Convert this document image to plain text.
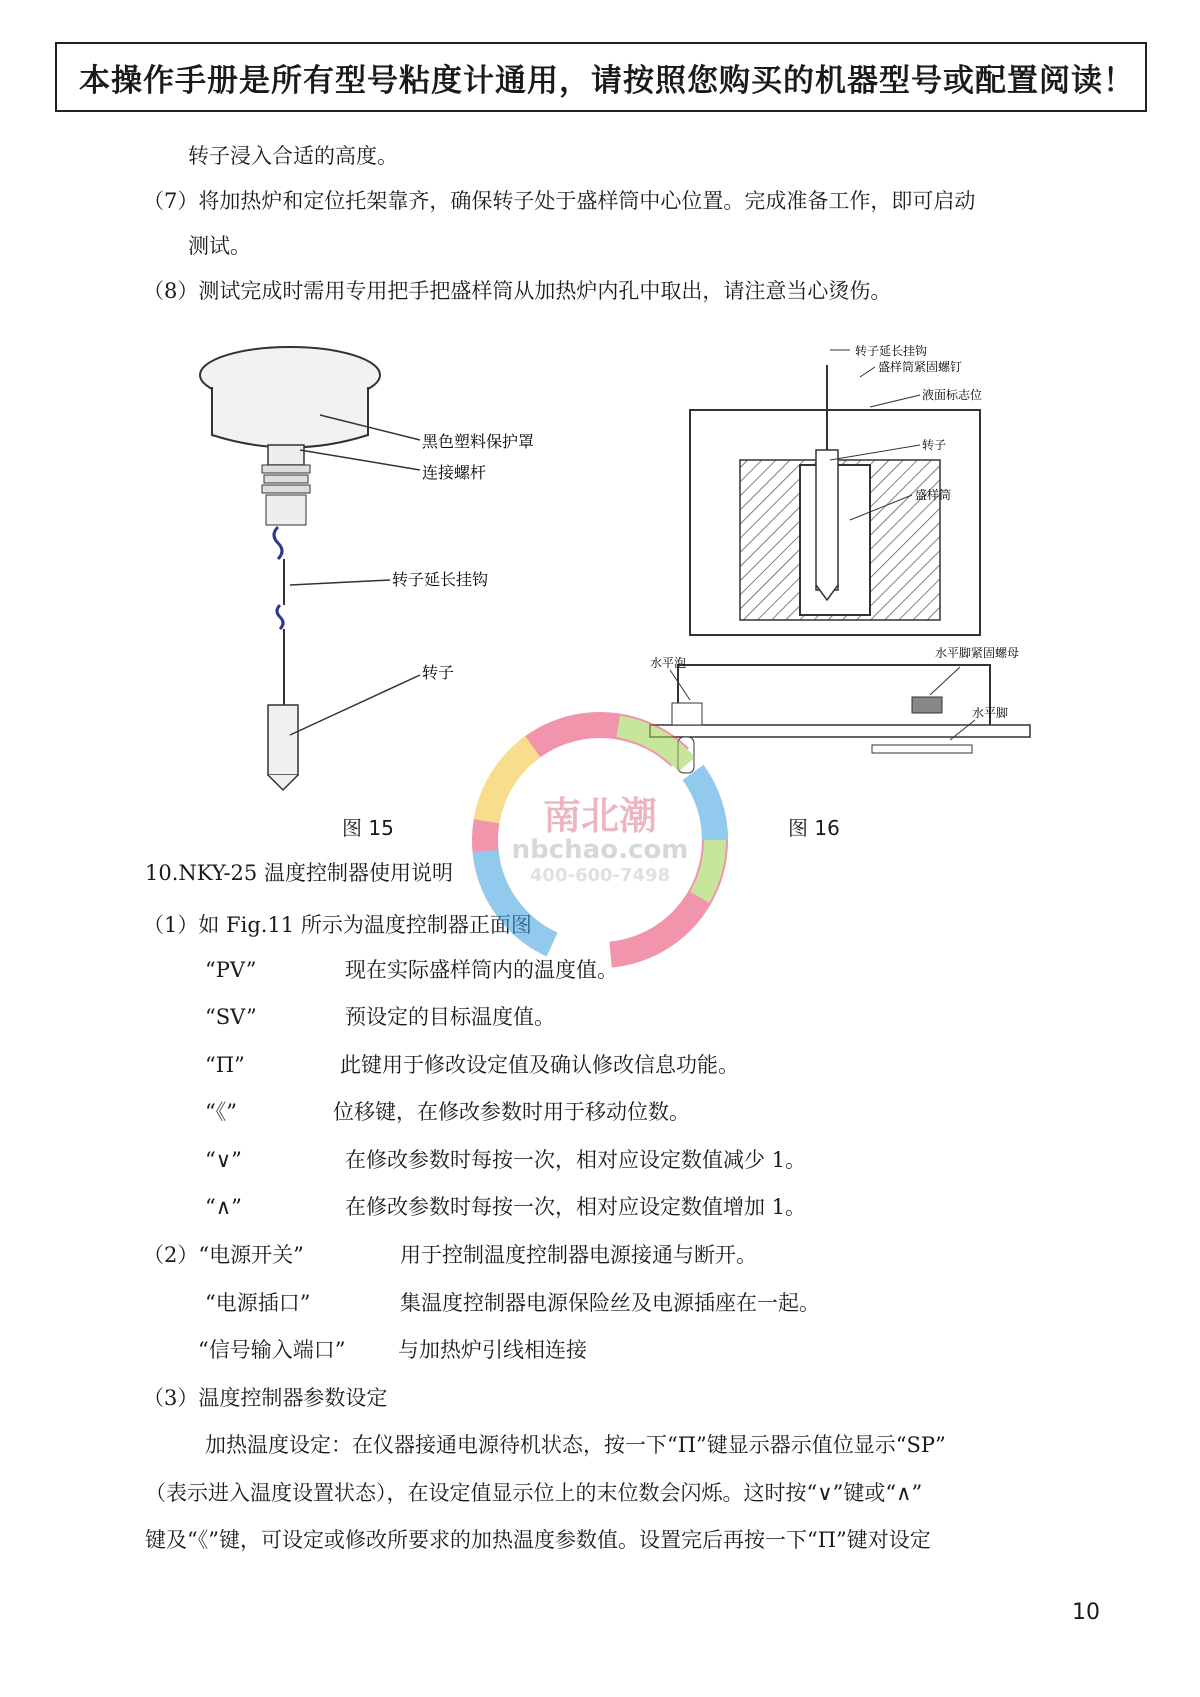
本操作手册是所有型号粘度计通用，请按照您购买的机器型号或配置阅读！
转子浸入合适的高度。
（7）将加热炉和定位托架靠齐，确保转子处于盛样筒中心位置。完成准备工作，即可启动
测试。
（8）测试完成时需用专用把手把盛样筒从加热炉内孔中取出，请注意当心烫伤。
黑色塑料保护罩
连接螺杆
转子延长挂钩
转子
转子延长挂钩
盛样筒紧固螺钉
液面标志位
转子
盛样筒
水平泡
水平脚紧固螺母
水平脚
图 15	图 16
10.NKY-25 温度控制器使用说明
（1）如 Fig.11 所示为温度控制器正面图
“PV”	现在实际盛样筒内的温度值。
“SV”	预设定的目标温度值。
“Π”	此键用于修改设定值及确认修改信息功能。
“《”	位移键，在修改参数时用于移动位数。
“∨”	在修改参数时每按一次，相对应设定数值减少 1。
“∧”	在修改参数时每按一次，相对应设定数值增加 1。
（2）“电源开关”	用于控制温度控制器电源接通与断开。
“电源插口”	集温度控制器电源保险丝及电源插座在一起。
“信号输入端口”	与加热炉引线相连接
（3）温度控制器参数设定
加热温度设定：在仪器接通电源待机状态，按一下“Π”键显示器示值位显示“SP”
（表示进入温度设置状态），在设定值显示位上的末位数会闪烁。这时按“∨”键或“∧”
键及“《”键，可设定或修改所要求的加热温度参数值。设置完后再按一下“Π”键对设定
10
南北潮
nbchao.com
400-600-7498
